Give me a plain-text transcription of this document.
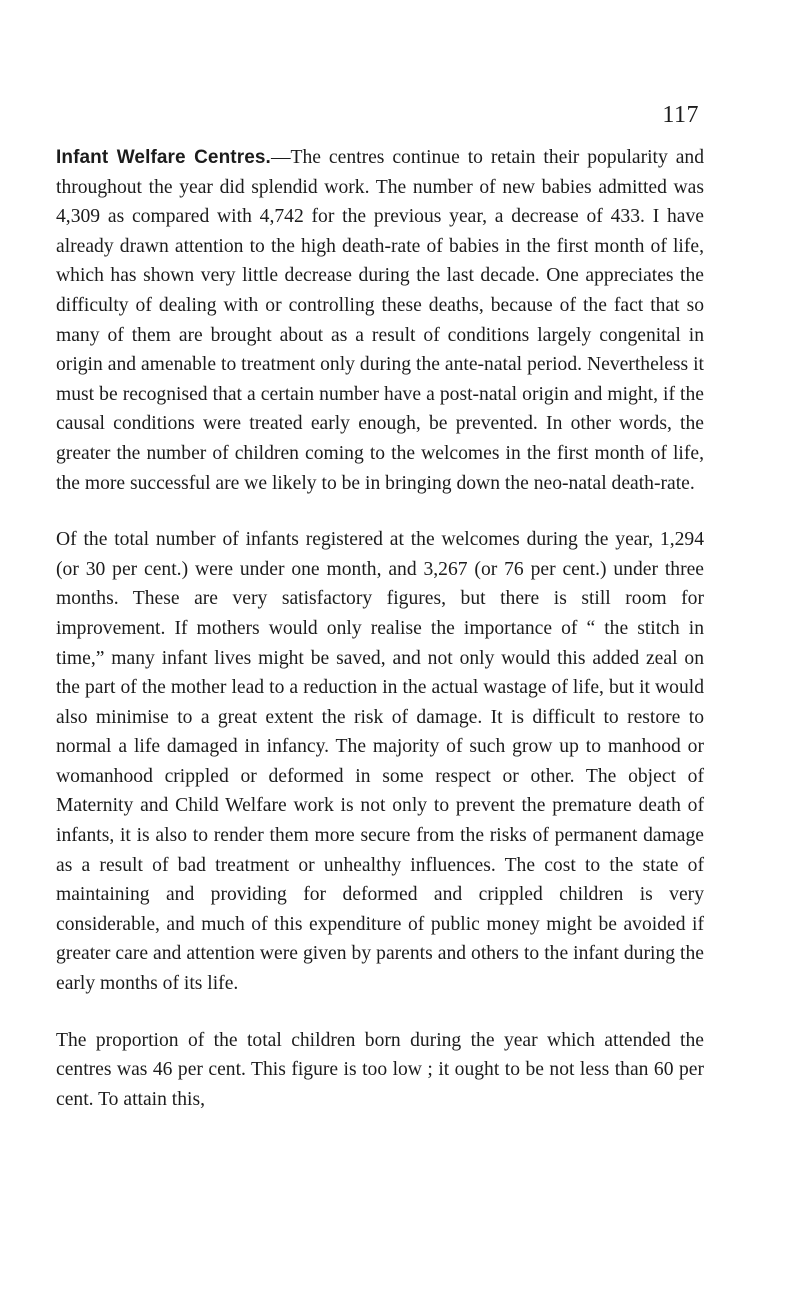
117

Infant Welfare Centres.—The centres continue to retain their popularity and throughout the year did splendid work. The number of new babies admitted was 4,309 as compared with 4,742 for the previous year, a decrease of 433. I have already drawn attention to the high death-rate of babies in the first month of life, which has shown very little decrease during the last decade. One appreciates the difficulty of dealing with or controlling these deaths, because of the fact that so many of them are brought about as a result of conditions largely congenital in origin and amenable to treatment only during the ante-natal period. Nevertheless it must be recognised that a certain number have a post-natal origin and might, if the causal conditions were treated early enough, be prevented. In other words, the greater the number of children coming to the welcomes in the first month of life, the more successful are we likely to be in bringing down the neo-natal death-rate.

Of the total number of infants registered at the welcomes during the year, 1,294 (or 30 per cent.) were under one month, and 3,267 (or 76 per cent.) under three months. These are very satisfactory figures, but there is still room for improvement. If mothers would only realise the importance of “ the stitch in time,” many infant lives might be saved, and not only would this added zeal on the part of the mother lead to a reduction in the actual wastage of life, but it would also minimise to a great extent the risk of damage. It is difficult to restore to normal a life damaged in infancy. The majority of such grow up to manhood or womanhood crippled or deformed in some respect or other. The object of Maternity and Child Welfare work is not only to prevent the premature death of infants, it is also to render them more secure from the risks of permanent damage as a result of bad treatment or unhealthy influences. The cost to the state of maintaining and providing for deformed and crippled children is very considerable, and much of this expenditure of public money might be avoided if greater care and attention were given by parents and others to the infant during the early months of its life.

The proportion of the total children born during the year which attended the centres was 46 per cent. This figure is too low ; it ought to be not less than 60 per cent. To attain this,
